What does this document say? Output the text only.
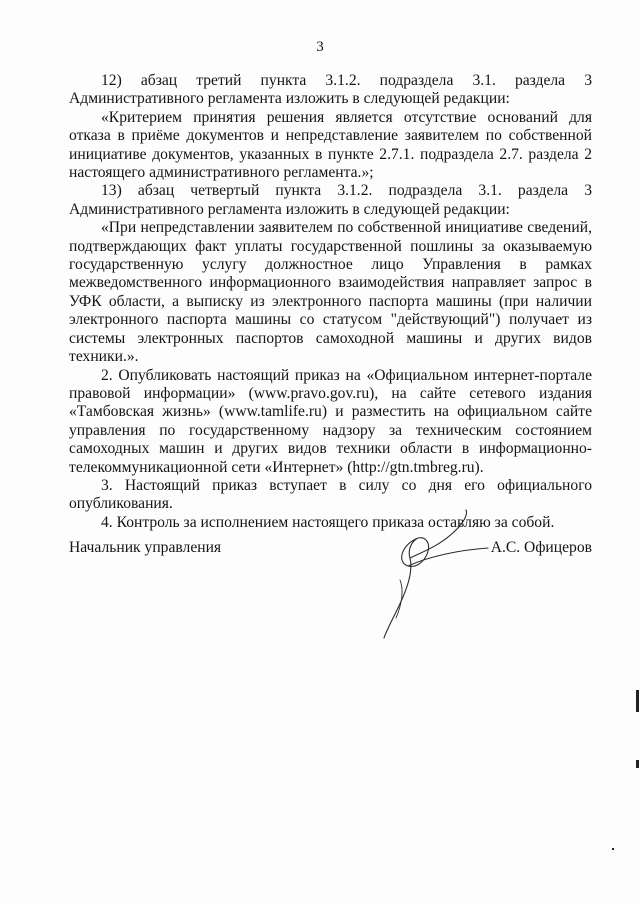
3

12) абзац третий пункта 3.1.2. подраздела 3.1. раздела 3 Административного регламента изложить в следующей редакции:

«Критерием принятия решения является отсутствие оснований для отказа в приёме документов и непредставление заявителем по собственной инициативе документов, указанных в пункте 2.7.1. подраздела 2.7. раздела 2 настоящего административного регламента.»;

13) абзац четвертый пункта 3.1.2. подраздела 3.1. раздела 3 Административного регламента изложить в следующей редакции:

«При непредставлении заявителем по собственной инициативе сведений, подтверждающих факт уплаты государственной пошлины за оказываемую государственную услугу должностное лицо Управления в рамках межведомственного информационного взаимодействия направляет запрос в УФК области, а выписку из электронного паспорта машины (при наличии электронного паспорта машины со статусом "действующий") получает из системы электронных паспортов самоходной машины и других видов техники.».

2. Опубликовать настоящий приказ на «Официальном интернет-портале правовой информации» (www.pravo.gov.ru), на сайте сетевого издания «Тамбовская жизнь» (www.tamlife.ru) и разместить на официальном сайте управления по государственному надзору за техническим состоянием самоходных машин и других видов техники области в информационно-телекоммуникационной сети «Интернет» (http://gtn.tmbreg.ru).

3. Настоящий приказ вступает в силу со дня его официального опубликования.

4. Контроль за исполнением настоящего приказа оставляю за собой.

Начальник управления	А.С. Офицеров
